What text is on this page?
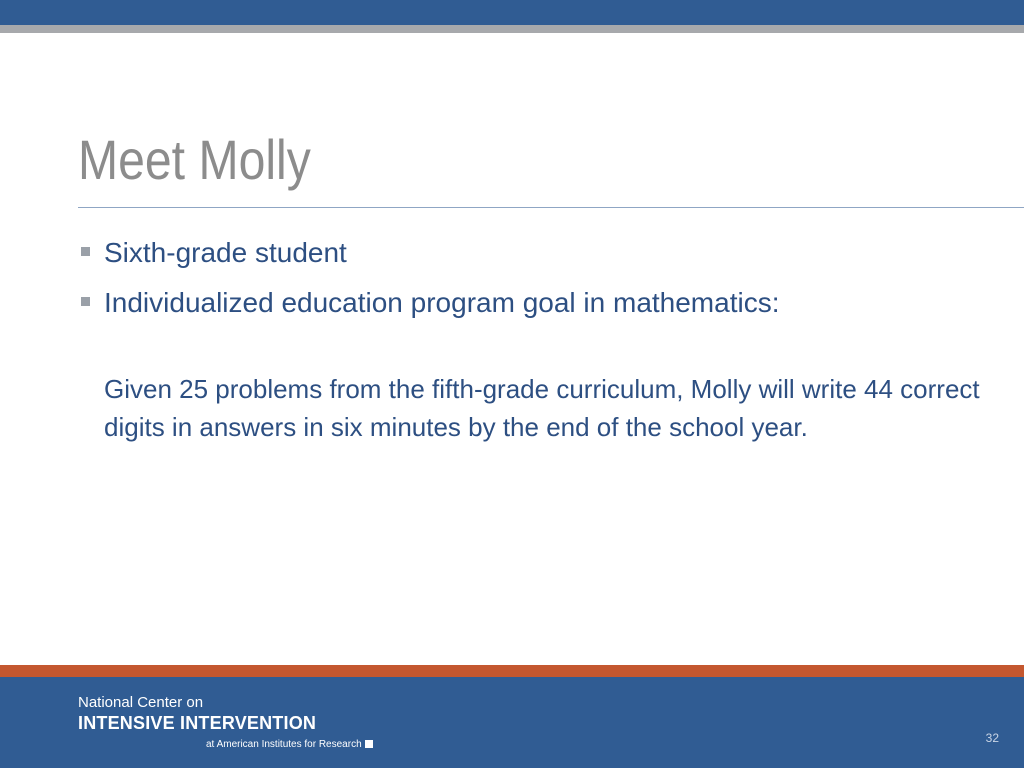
Meet Molly
Sixth-grade student
Individualized education program goal in mathematics:

Given 25 problems from the fifth-grade curriculum, Molly will write 44 correct digits in answers in six minutes by the end of the school year.

National Center on
INTENSIVE INTERVENTION
at American Institutes for Research	32
